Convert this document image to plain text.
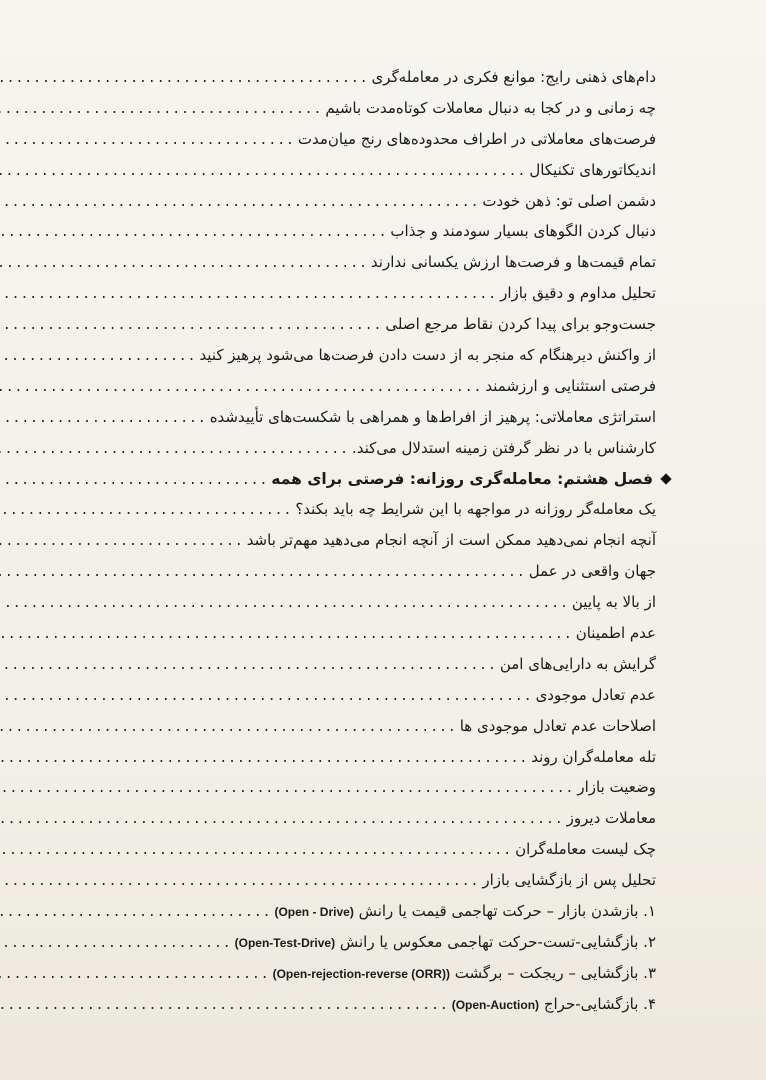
دام‌های ذهنی رایج: موانع فکری در معامله‌گری
.....
چه زمانی و در کجا به دنبال معاملات کوتاه‌مدت باشیم
.....
فرصت‌های معاملاتی در اطراف محدوده‌های رنج میان‌مدت
.....
اندیکاتورهای تکنیکال
.....
دشمن اصلی تو: ذهن خودت
.....
دنبال کردن الگوهای بسیار سودمند و جذاب
.....
تمام قیمت‌ها و فرصت‌ها ارزش یکسانی ندارند
.....
تحلیل مداوم و دقیق بازار
.....
جست‌وجو برای پیدا کردن نقاط مرجع اصلی
.....
از واکنش دیرهنگام که منجر به از دست دادن فرصت‌ها می‌شود پرهیز کنید
.....
فرصتی استثنایی و ارزشمند
.....
استراتژی معاملاتی: پرهیز از افراط‌ها و همراهی با شکست‌های تأییدشده
.....
کارشناس با در نظر گرفتن زمینه استدلال می‌کند.
.....
فصل هشتم: معامله‌گری روزانه: فرصتی برای همه
.....
یک معامله‌گر روزانه در مواجهه با این شرایط چه باید بکند؟
.....
آنچه انجام نمی‌دهید ممکن است از آنچه انجام می‌دهید مهم‌تر باشد
.....
جهان واقعی در عمل
.....
از بالا به پایین
.....
عدم اطمینان
.....
گرایش به دارایی‌های امن
.....
عدم تعادل موجودی
.....
اصلاحات عدم تعادل موجودی ها
.....
تله معامله‌گران روند
.....
وضعیت بازار
.....
معاملات دیروز
.....
چک لیست معامله‌گران
.....
تحلیل پس از بازگشایی بازار
.....
۱. بازشدن بازار – حرکت تهاجمی قیمت یا رانش (Open - Drive)
.....
۲. بازگشایی-تست-حرکت تهاجمی معکوس یا رانش (Open-Test-Drive)
.....
۳. بازگشایی – ریجکت – برگشت (Open-rejection-reverse (ORR))
.....
۴. بازگشایی-حراج (Open-Auction)
.....
